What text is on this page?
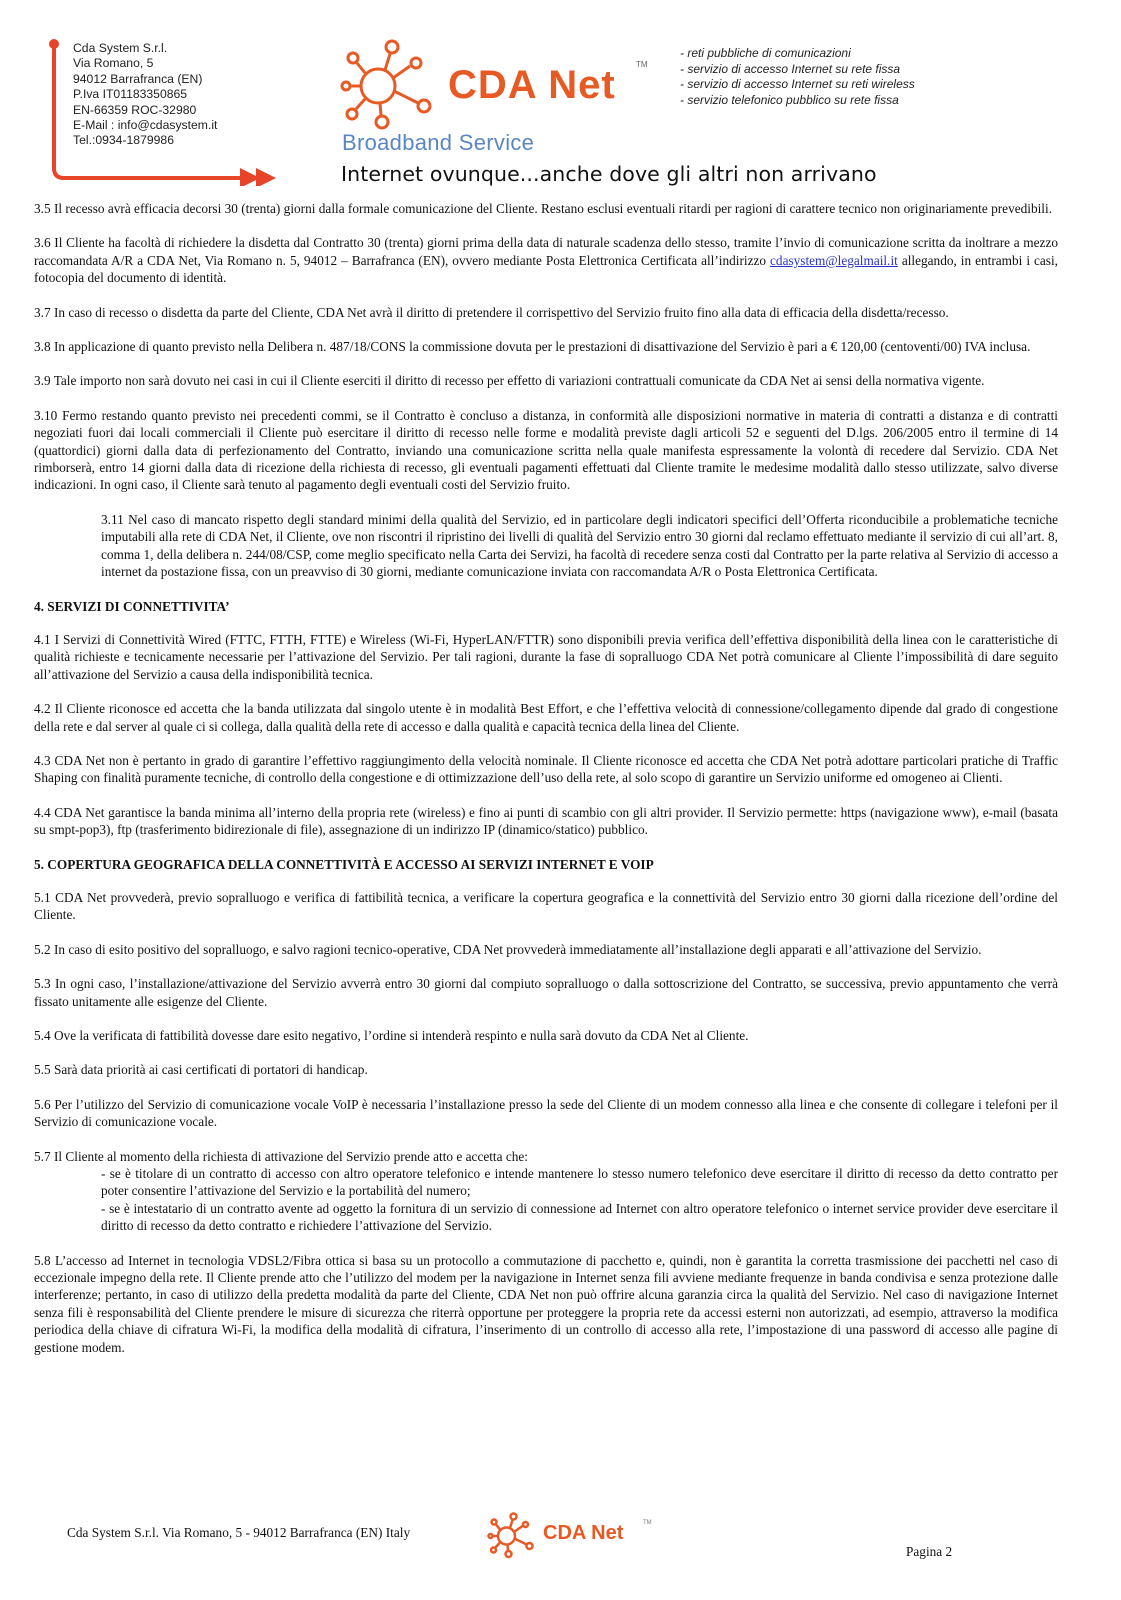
Cda System S.r.l.
Via Romano, 5
94012 Barrafranca (EN)
P.Iva IT01183350865
EN-66359 ROC-32980
E-Mail : info@cdasystem.it
Tel.:0934-1879986
CDA Net	TM
Broadband Service
Internet ovunque...anche dove gli altri non arrivano
- reti pubbliche di comunicazioni
- servizio di accesso Internet su rete fissa
- servizio di accesso Internet su reti wireless
- servizio telefonico pubblico su rete fissa

3.5 Il recesso avrà efficacia decorsi 30 (trenta) giorni dalla formale comunicazione del Cliente. Restano esclusi eventuali ritardi per ragioni di carattere tecnico non originariamente prevedibili.

3.6 Il Cliente ha facoltà di richiedere la disdetta dal Contratto 30 (trenta) giorni prima della data di naturale scadenza dello stesso, tramite l’invio di comunicazione scritta da inoltrare a mezzo raccomandata A/R a CDA Net, Via Romano n. 5, 94012 – Barrafranca (EN), ovvero mediante Posta Elettronica Certificata all’indirizzo cdasystem@legalmail.it allegando, in entrambi i casi, fotocopia del documento di identità.

3.7 In caso di recesso o disdetta da parte del Cliente, CDA Net avrà il diritto di pretendere il corrispettivo del Servizio fruito fino alla data di efficacia della disdetta/recesso.

3.8 In applicazione di quanto previsto nella Delibera n. 487/18/CONS la commissione dovuta per le prestazioni di disattivazione del Servizio è pari a € 120,00 (centoventi/00) IVA inclusa.

3.9 Tale importo non sarà dovuto nei casi in cui il Cliente eserciti il diritto di recesso per effetto di variazioni contrattuali comunicate da CDA Net ai sensi della normativa vigente.

3.10 Fermo restando quanto previsto nei precedenti commi, se il Contratto è concluso a distanza, in conformità alle disposizioni normative in materia di contratti a distanza e di contratti negoziati fuori dai locali commerciali il Cliente può esercitare il diritto di recesso nelle forme e modalità previste dagli articoli 52 e seguenti del D.lgs. 206/2005 entro il termine di 14 (quattordici) giorni dalla data di perfezionamento del Contratto, inviando una comunicazione scritta nella quale manifesta espressamente la volontà di recedere dal Servizio. CDA Net rimborserà, entro 14 giorni dalla data di ricezione della richiesta di recesso, gli eventuali pagamenti effettuati dal Cliente tramite le medesime modalità dallo stesso utilizzate, salvo diverse indicazioni. In ogni caso, il Cliente sarà tenuto al pagamento degli eventuali costi del Servizio fruito.

3.11 Nel caso di mancato rispetto degli standard minimi della qualità del Servizio, ed in particolare degli indicatori specifici dell’Offerta riconducibile a problematiche tecniche imputabili alla rete di CDA Net, il Cliente, ove non riscontri il ripristino dei livelli di qualità del Servizio entro 30 giorni dal reclamo effettuato mediante il servizio di cui all’art. 8, comma 1, della delibera n. 244/08/CSP, come meglio specificato nella Carta dei Servizi, ha facoltà di recedere senza costi dal Contratto per la parte relativa al Servizio di accesso a internet da postazione fissa, con un preavviso di 30 giorni, mediante comunicazione inviata con raccomandata A/R o Posta Elettronica Certificata.

4. SERVIZI DI CONNETTIVITA’

4.1 I Servizi di Connettività Wired (FTTC, FTTH, FTTE) e Wireless (Wi-Fi, HyperLAN/FTTR) sono disponibili previa verifica dell’effettiva disponibilità della linea con le caratteristiche di qualità richieste e tecnicamente necessarie per l’attivazione del Servizio. Per tali ragioni, durante la fase di sopralluogo CDA Net potrà comunicare al Cliente l’impossibilità di dare seguito all’attivazione del Servizio a causa della indisponibilità tecnica.

4.2 Il Cliente riconosce ed accetta che la banda utilizzata dal singolo utente è in modalità Best Effort, e che l’effettiva velocità di connessione/collegamento dipende dal grado di congestione della rete e dal server al quale ci si collega, dalla qualità della rete di accesso e dalla qualità e capacità tecnica della linea del Cliente.

4.3 CDA Net non è pertanto in grado di garantire l’effettivo raggiungimento della velocità nominale. Il Cliente riconosce ed accetta che CDA Net potrà adottare particolari pratiche di Traffic Shaping con finalità puramente tecniche, di controllo della congestione e di ottimizzazione dell’uso della rete, al solo scopo di garantire un Servizio uniforme ed omogeneo ai Clienti.

4.4 CDA Net garantisce la banda minima all’interno della propria rete (wireless) e fino ai punti di scambio con gli altri provider. Il Servizio permette: https (navigazione www), e-mail (basata su smpt-pop3), ftp (trasferimento bidirezionale di file), assegnazione di un indirizzo IP (dinamico/statico) pubblico.

5. COPERTURA GEOGRAFICA DELLA CONNETTIVITÀ E ACCESSO AI SERVIZI INTERNET E VOIP

5.1 CDA Net provvederà, previo sopralluogo e verifica di fattibilità tecnica, a verificare la copertura geografica e la connettività del Servizio entro 30 giorni dalla ricezione dell’ordine del Cliente.

5.2 In caso di esito positivo del sopralluogo, e salvo ragioni tecnico-operative, CDA Net provvederà immediatamente all’installazione degli apparati e all’attivazione del Servizio.

5.3 In ogni caso, l’installazione/attivazione del Servizio avverrà entro 30 giorni dal compiuto sopralluogo o dalla sottoscrizione del Contratto, se successiva, previo appuntamento che verrà fissato unitamente alle esigenze del Cliente.

5.4 Ove la verificata di fattibilità dovesse dare esito negativo, l’ordine si intenderà respinto e nulla sarà dovuto da CDA Net al Cliente.

5.5 Sarà data priorità ai casi certificati di portatori di handicap.

5.6 Per l’utilizzo del Servizio di comunicazione vocale VoIP è necessaria l’installazione presso la sede del Cliente di un modem connesso alla linea e che consente di collegare i telefoni per il Servizio di comunicazione vocale.

5.7 Il Cliente al momento della richiesta di attivazione del Servizio prende atto e accetta che:
- se è titolare di un contratto di accesso con altro operatore telefonico e intende mantenere lo stesso numero telefonico deve esercitare il diritto di recesso da detto contratto per poter consentire l’attivazione del Servizio e la portabilità del numero;
- se è intestatario di un contratto avente ad oggetto la fornitura di un servizio di connessione ad Internet con altro operatore telefonico o internet service provider deve esercitare il diritto di recesso da detto contratto e richiedere l’attivazione del Servizio.

5.8 L’accesso ad Internet in tecnologia VDSL2/Fibra ottica si basa su un protocollo a commutazione di pacchetto e, quindi, non è garantita la corretta trasmissione dei pacchetti nel caso di eccezionale impegno della rete. Il Cliente prende atto che l’utilizzo del modem per la navigazione in Internet senza fili avviene mediante frequenze in banda condivisa e senza protezione dalle interferenze; pertanto, in caso di utilizzo della predetta modalità da parte del Cliente, CDA Net non può offrire alcuna garanzia circa la qualità del Servizio. Nel caso di navigazione Internet senza fili è responsabilità del Cliente prendere le misure di sicurezza che riterrà opportune per proteggere la propria rete da accessi esterni non autorizzati, ad esempio, attraverso la modifica periodica della chiave di cifratura Wi-Fi, la modifica della modalità di cifratura, l’inserimento di un controllo di accesso alla rete, l’impostazione di una password di accesso alle pagine di gestione modem.

Cda System S.r.l. Via Romano, 5 - 94012 Barrafranca (EN) Italy	CDA Net	TM
Pagina 2
